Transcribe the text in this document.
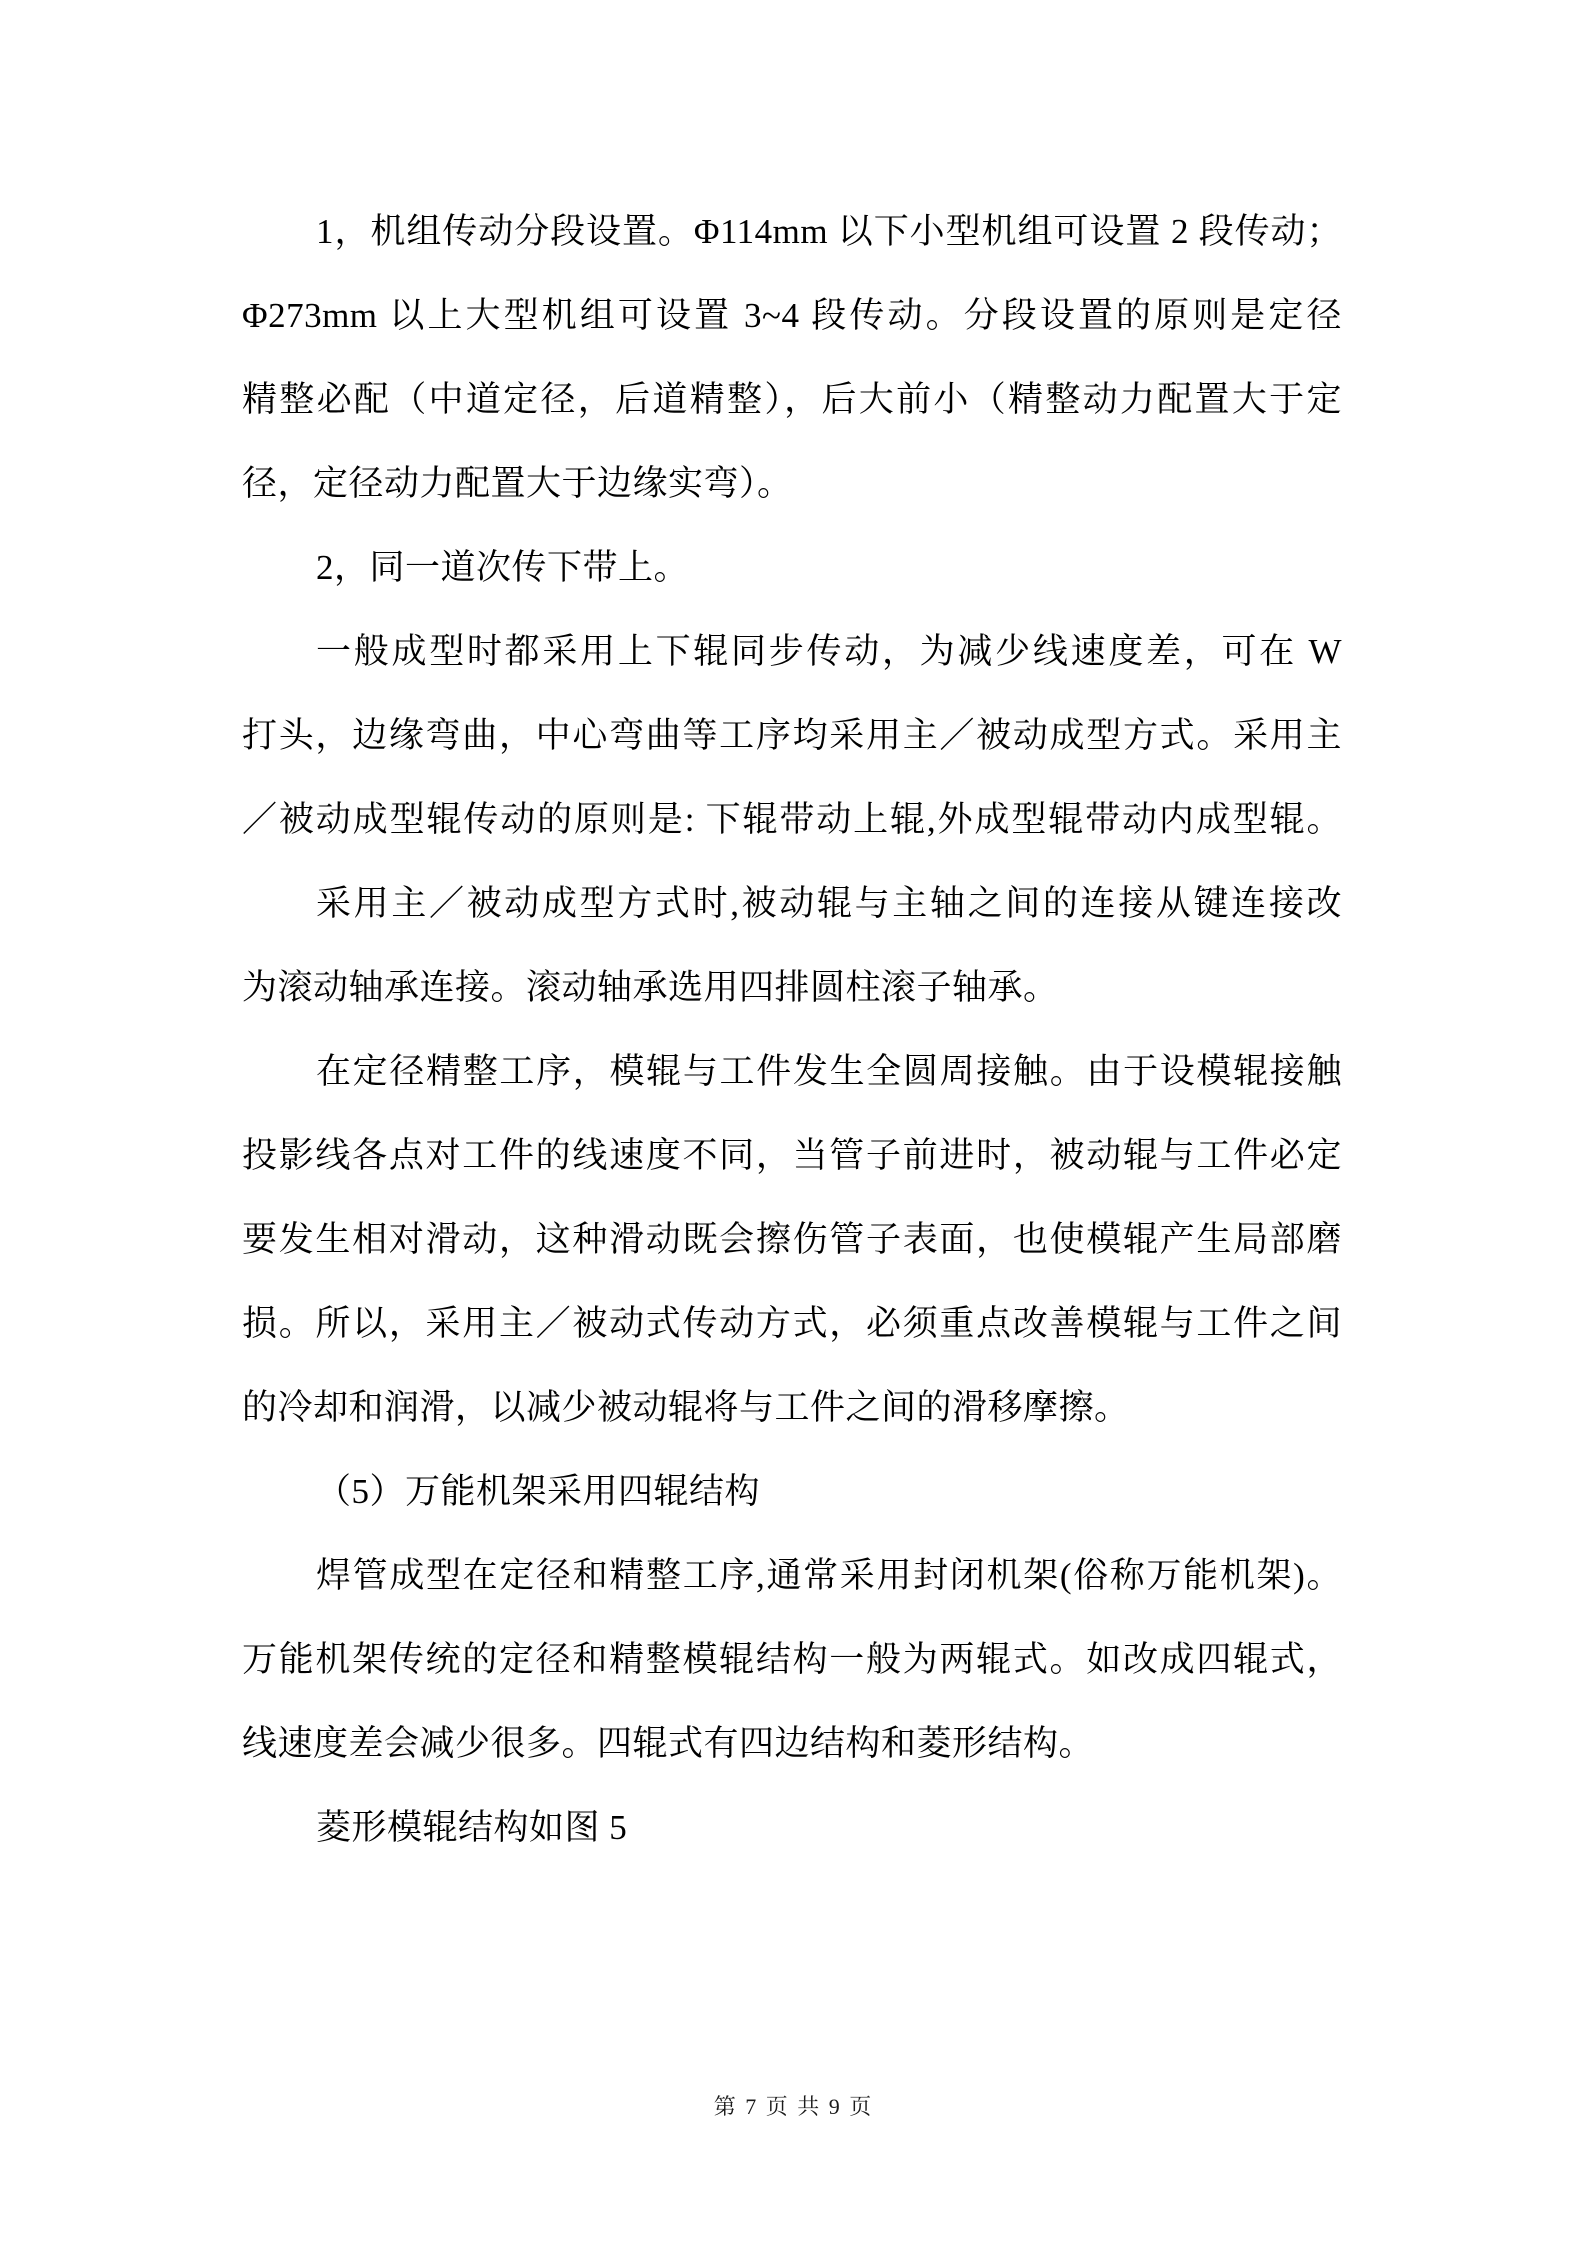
1，机组传动分段设置。Φ114mm 以下小型机组可设置 2 段传动；
Φ273mm 以上大型机组可设置 3~4 段传动。分段设置的原则是定径
精整必配（中道定径，后道精整），后大前小（精整动力配置大于定
径，定径动力配置大于边缘实弯）。
2，同一道次传下带上。
一般成型时都采用上下辊同步传动，为减少线速度差，可在 W
打头，边缘弯曲，中心弯曲等工序均采用主／被动成型方式。采用主
／被动成型辊传动的原则是: 下辊带动上辊,外成型辊带动内成型辊。
采用主／被动成型方式时,被动辊与主轴之间的连接从键连接改
为滚动轴承连接。滚动轴承选用四排圆柱滚子轴承。
在定径精整工序，模辊与工件发生全圆周接触。由于设模辊接触
投影线各点对工件的线速度不同，当管子前进时，被动辊与工件必定
要发生相对滑动，这种滑动既会擦伤管子表面，也使模辊产生局部磨
损。所以，采用主／被动式传动方式，必须重点改善模辊与工件之间
的冷却和润滑，以减少被动辊将与工件之间的滑移摩擦。
（5）万能机架采用四辊结构
焊管成型在定径和精整工序,通常采用封闭机架(俗称万能机架)。
万能机架传统的定径和精整模辊结构一般为两辊式。如改成四辊式，
线速度差会减少很多。四辊式有四边结构和菱形结构。
菱形模辊结构如图 5
第 7 页 共 9 页
